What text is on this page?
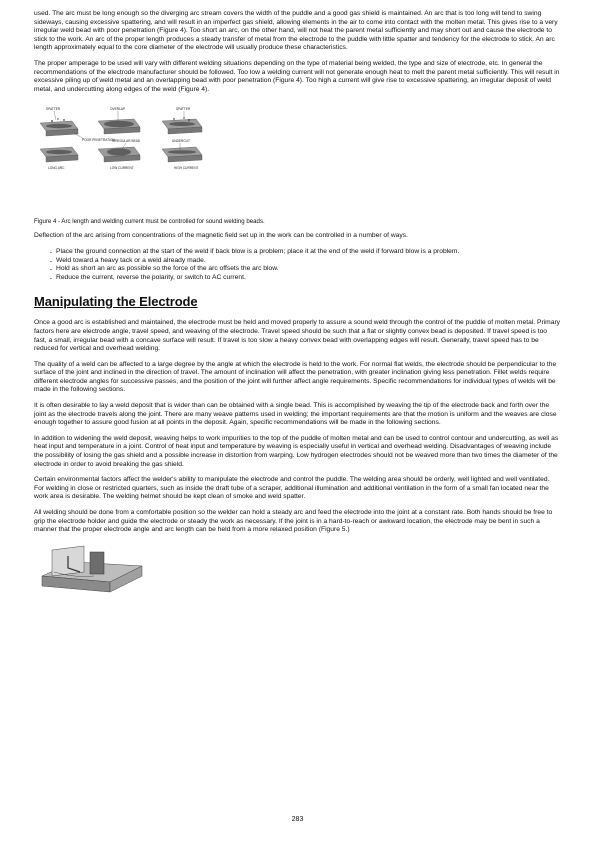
used. The arc must be long enough so the diverging arc stream covers the width of the puddle and a good gas shield is maintained. An arc that is too long will tend to swing sideways, causing excessive spattering, and will result in an imperfect gas shield, allowing elements in the air to come into contact with the molten metal. This gives rise to a very irregular weld bead with poor penetration (Figure 4). Too short an arc, on the other hand, will not heat the parent metal sufficiently and may short out and cause the electrode to stick to the work. An arc of the proper length produces a steady transfer of metal from the electrode to the puddle with little spatter and tendency for the electrode to stick. An arc length approximately equal to the core diameter of the electrode will usually produce these characteristics.

The proper amperage to be used will vary with different welding situations depending on the type of material being welded, the type and size of electrode, etc. In general the recommendations of the electrode manufacturer should be followed. Too low a welding current will not generate enough heat to melt the parent metal sufficiently. This will result in excessive piling up of weld metal and an overlapping bead with poor penetration (Figure 4). Too high a current will give rise to excessive spattering, an irregular deposit of weld metal, and undercutting along edges of the weld (Figure 4).

SPATTER	OVERLAP	SPATTER
POOR PENETRATION
IRREGULAR BEAD	UNDERCUT
LONG ARC	LOW CURRENT	HIGH CURRENT

Figure 4 - Arc length and welding current must be controlled for sound welding beads.

Deflection of the arc arising from concentrations of the magnetic field set up in the work can be controlled in a number of ways.

. Place the ground connection at the start of the weld if back blow is a problem; place it at the end of the weld if forward blow is a problem.
. Weld toward a heavy tack or a weld already made.
. Hold as short an arc as possible so the force of the arc offsets the arc blow.
. Reduce the current, reverse the polarity, or switch to AC current.
Manipulating the Electrode

Once a good arc is established and maintained, the electrode must be held and moved properly to assure a sound weld through the control of the puddle of molten metal. Primary factors here are electrode angle, travel speed, and weaving of the electrode. Travel speed should be such that a flat or slightly convex bead is deposited. If travel speed is too fast, a small, irregular bead with a concave surface will result. If travel is too slow a heavy convex bead with overlapping edges will result. Generally, travel speed has to be reduced for vertical and overhead welding.

The quality of a weld can be affected to a large degree by the angle at which the electrode is held to the work. For normal flat welds, the electrode should be perpendicular to the surface of the joint and inclined in the direction of travel. The amount of inclination will affect the penetration, with greater inclination giving less penetration. Fillet welds require different electrode angles for successive passes, and the position of the joint will further affect angle requirements. Specific recommendations for individual types of welds will be made in the following sections.

It is often desirable to lay a weld deposit that is wider than can be obtained with a single bead. This is accomplished by weaving the tip of the electrode back and forth over the joint as the electrode travels along the joint. There are many weave patterns used in welding; the important requirements are that the motion is uniform and the weaves are close enough together to assure good fusion at all points in the deposit. Again, specific recommendations will be made in the following sections.

In addition to widening the weld deposit, weaving helps to work impurities to the top of the puddle of molten metal and can be used to control contour and undercutting, as well as heat input and temperature in a joint. Control of heat input and temperature by weaving is especially useful in vertical and overhead welding. Disadvantages of weaving include the possibility of losing the gas shield and a possible increase in distortion from warping. Low hydrogen electrodes should not be weaved more than two times the diameter of the electrode in order to avoid breaking the gas shield.

Certain environmental factors affect the welder's ability to manipulate the electrode and control the puddle. The welding area should be orderly, well lighted and well ventilated. For welding in close or restricted quarters, such as inside the draft tube of a scraper, additional illumination and additional ventilation in the form of a small fan located near the work area is desirable. The welding helmet should be kept clean of smoke and weld spatter.

All welding should be done from a comfortable position so the welder can hold a steady arc and feed the electrode into the joint at a constant rate. Both hands should be free to grip the electrode holder and guide the electrode or steady the work as necessary. If the joint is in a hard-to-reach or awkward location, the electrode may be bent in such a manner that the proper electrode angle and arc length can be held from a more relaxed position (Figure 5.)

283
